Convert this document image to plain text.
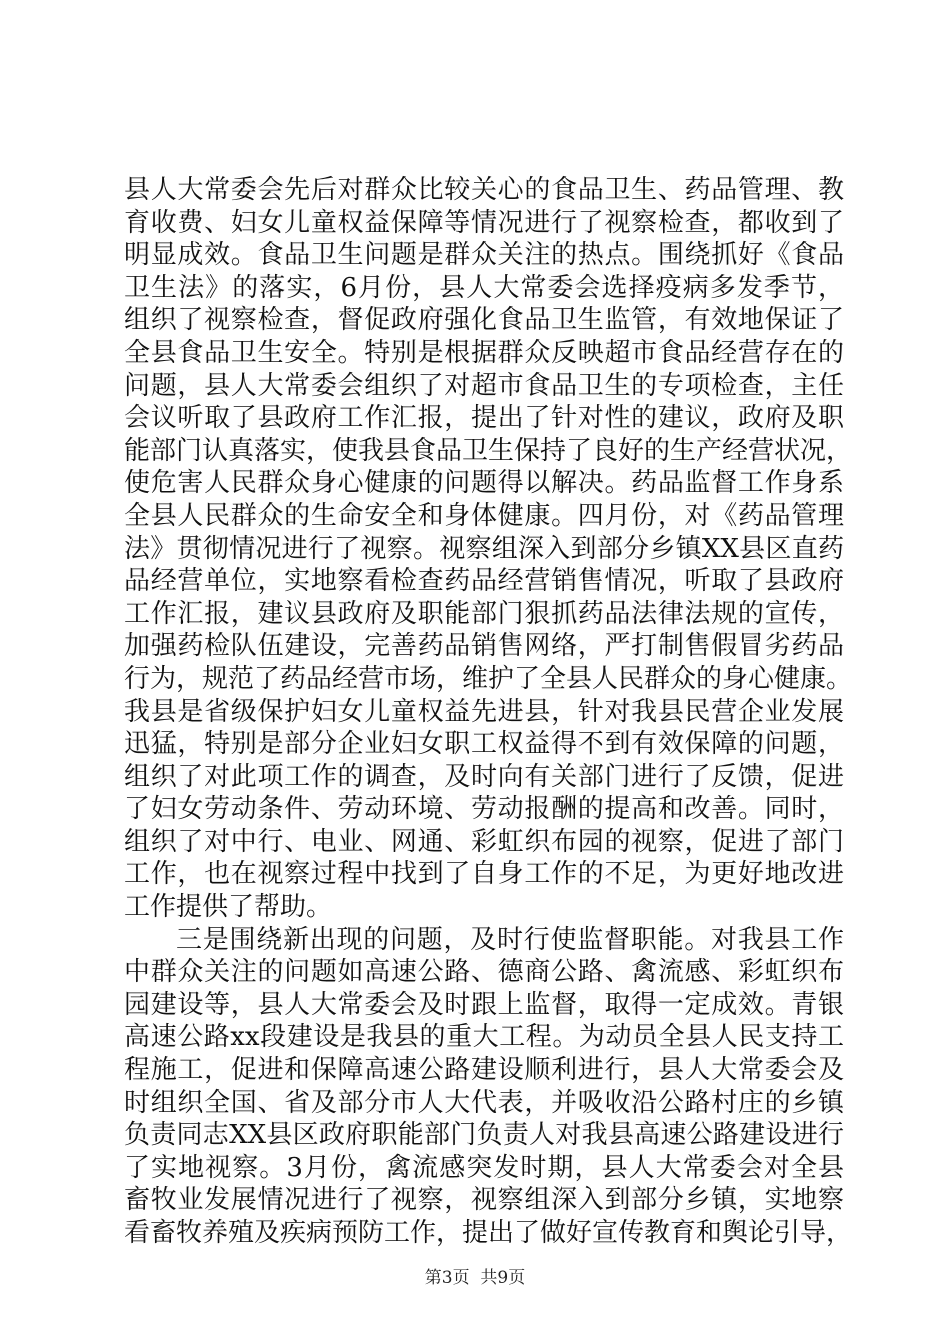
县人大常委会先后对群众比较关心的食品卫生、药品管理、教
育收费、妇女儿童权益保障等情况进行了视察检查，都收到了
明显成效。食品卫生问题是群众关注的热点。围绕抓好《食品
卫生法》的落实，6月份，县人大常委会选择疫病多发季节，
组织了视察检查，督促政府强化食品卫生监管，有效地保证了
全县食品卫生安全。特别是根据群众反映超市食品经营存在的
问题，县人大常委会组织了对超市食品卫生的专项检查，主任
会议听取了县政府工作汇报，提出了针对性的建议，政府及职
能部门认真落实，使我县食品卫生保持了良好的生产经营状况，
使危害人民群众身心健康的问题得以解决。药品监督工作身系
全县人民群众的生命安全和身体健康。四月份，对《药品管理
法》贯彻情况进行了视察。视察组深入到部分乡镇XX县区直药
品经营单位，实地察看检查药品经营销售情况，听取了县政府
工作汇报，建议县政府及职能部门狠抓药品法律法规的宣传，
加强药检队伍建设，完善药品销售网络，严打制售假冒劣药品
行为，规范了药品经营市场，维护了全县人民群众的身心健康。
我县是省级保护妇女儿童权益先进县，针对我县民营企业发展
迅猛，特别是部分企业妇女职工权益得不到有效保障的问题，
组织了对此项工作的调查，及时向有关部门进行了反馈，促进
了妇女劳动条件、劳动环境、劳动报酬的提高和改善。同时，
组织了对中行、电业、网通、彩虹织布园的视察，促进了部门
工作，也在视察过程中找到了自身工作的不足，为更好地改进
工作提供了帮助。
三是围绕新出现的问题，及时行使监督职能。对我县工作
中群众关注的问题如高速公路、德商公路、禽流感、彩虹织布
园建设等，县人大常委会及时跟上监督，取得一定成效。青银
高速公路xx段建设是我县的重大工程。为动员全县人民支持工
程施工，促进和保障高速公路建设顺利进行，县人大常委会及
时组织全国、省及部分市人大代表，并吸收沿公路村庄的乡镇
负责同志XX县区政府职能部门负责人对我县高速公路建设进行
了实地视察。3月份，禽流感突发时期，县人大常委会对全县
畜牧业发展情况进行了视察，视察组深入到部分乡镇，实地察
看畜牧养殖及疾病预防工作，提出了做好宣传教育和舆论引导，
第3页  共9页
